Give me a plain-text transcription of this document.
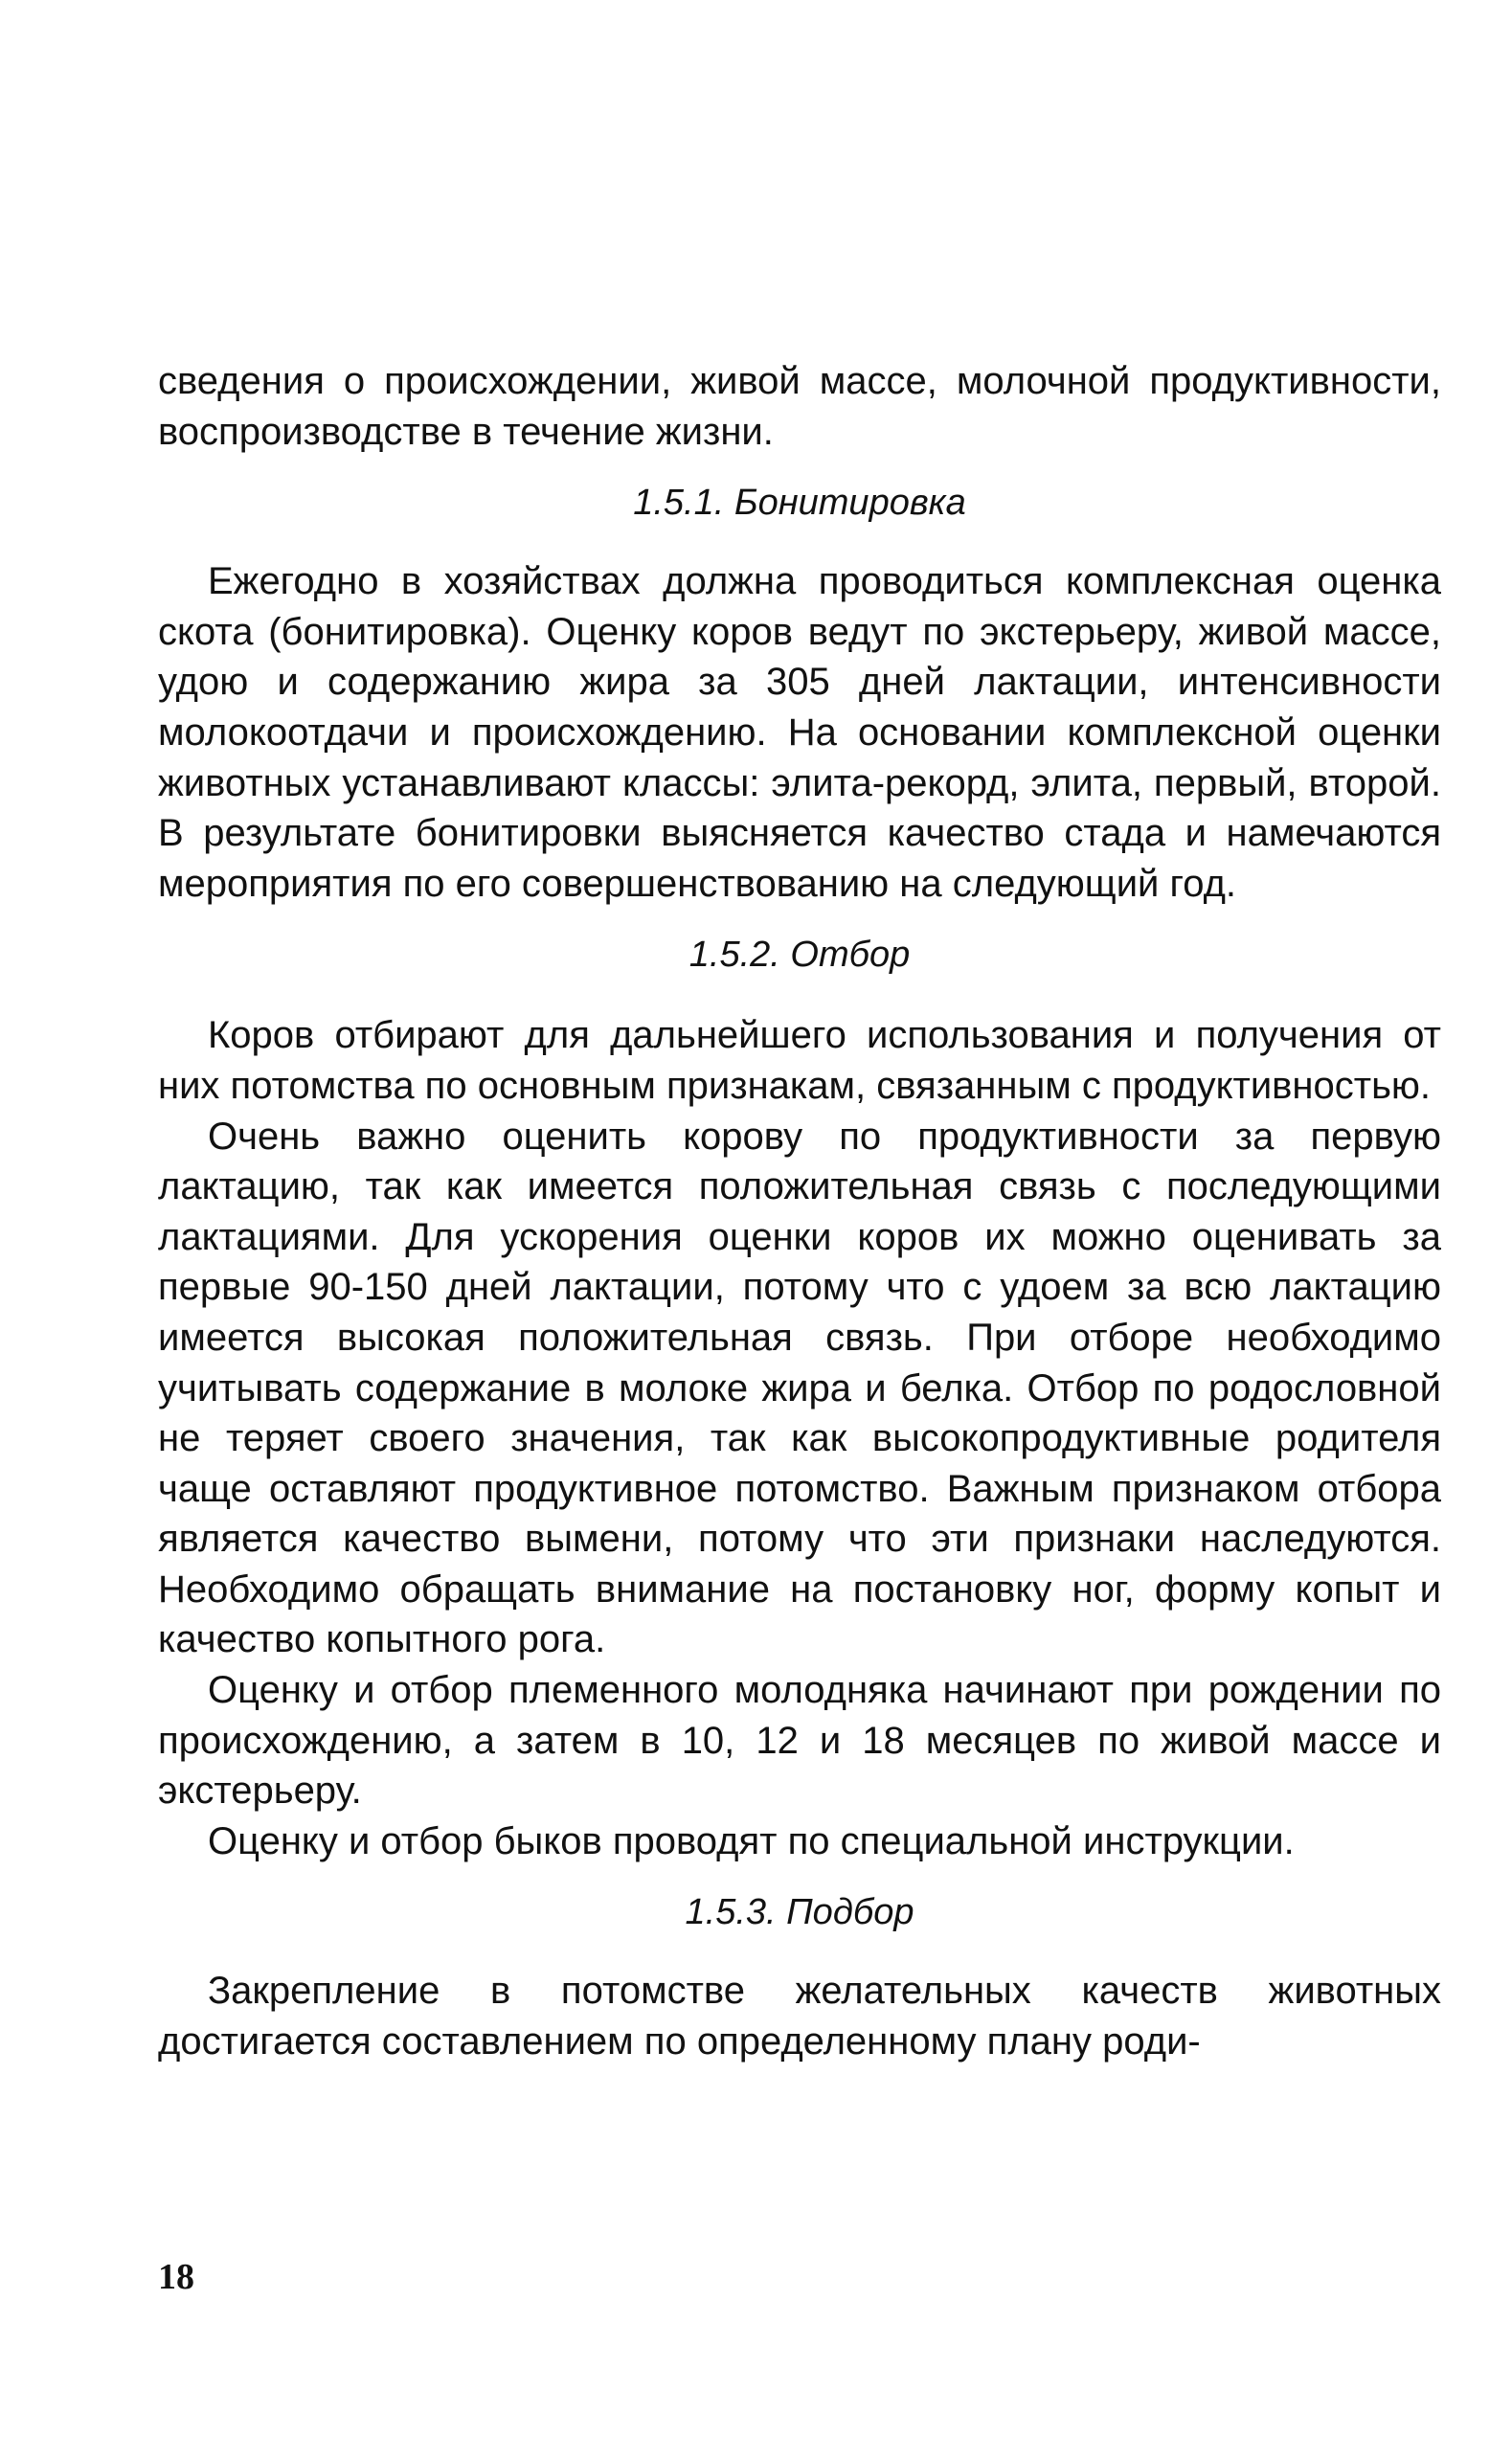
сведения о происхождении, живой массе, молочной продуктивности, воспроизводстве в течение жизни.

1.5.1. Бонитировка

Ежегодно в хозяйствах должна проводиться комплексная оценка скота (бонитировка). Оценку коров ведут по экстерьеру, живой массе, удою и содержанию жира за 305 дней лактации, интенсивности молокоотдачи и происхождению. На основании комплексной оценки животных устанавливают классы: элита-рекорд, элита, первый, второй. В результате бонитировки выясняется качество стада и намечаются мероприятия по его совершенствованию на следующий год.

1.5.2. Отбор

Коров отбирают для дальнейшего использования и получения от них потомства по основным признакам, связанным с продуктивностью.

Очень важно оценить корову по продуктивности за первую лактацию, так как имеется положительная связь с последующими лактациями. Для ускорения оценки коров их можно оценивать за первые 90-150 дней лактации, потому что с удоем за всю лактацию имеется высокая положительная связь. При отборе необходимо учитывать содержание в молоке жира и белка. Отбор по родословной не теряет своего значения, так как высокопродуктивные родителя чаще оставляют продуктивное потомство. Важным признаком отбора является качество вымени, потому что эти признаки наследуются. Необходимо обращать внимание на постановку ног, форму копыт и качество копытного рога.

Оценку и отбор племенного молодняка начинают при рождении по происхождению, а затем в 10, 12 и 18 месяцев по живой массе и экстерьеру.

Оценку и отбор быков проводят по специальной инструкции.

1.5.3. Подбор

Закрепление в потомстве желательных качеств животных достигается составлением по определенному плану роди-

18
